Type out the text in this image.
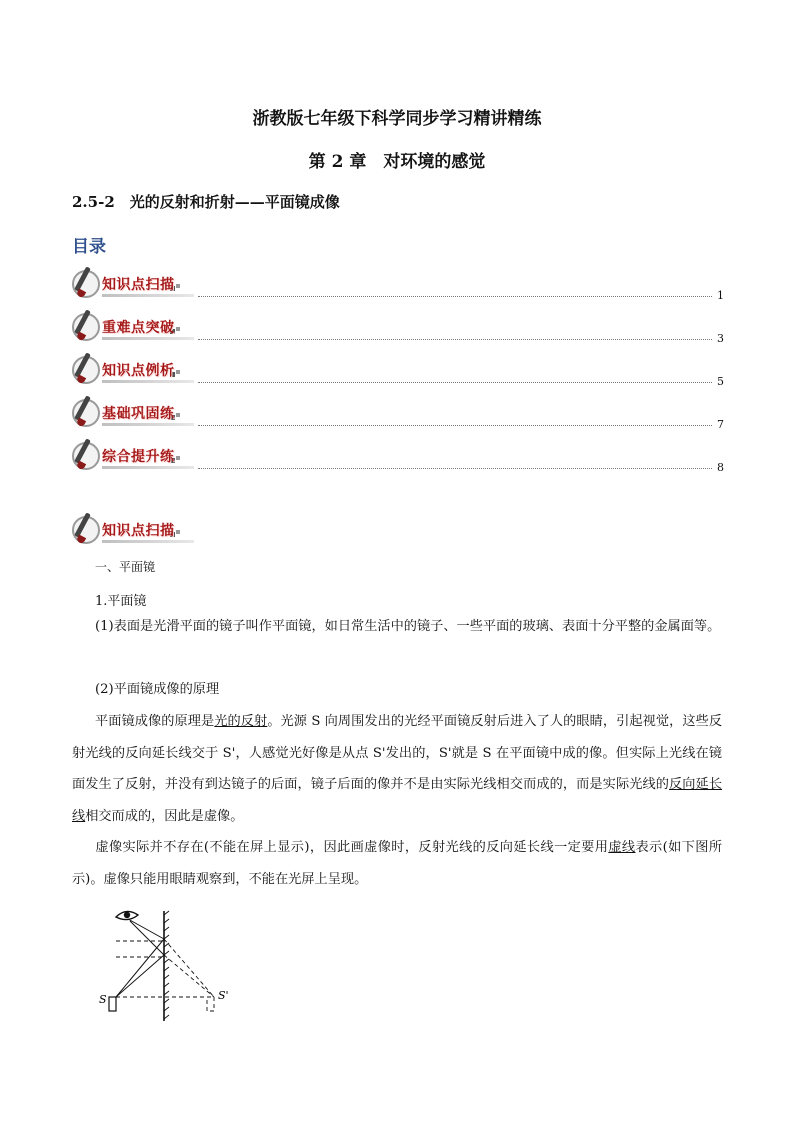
浙教版七年级下科学同步学习精讲精练
第 2 章　对环境的感觉
2.5-2　光的反射和折射——平面镜成像
目录
知识点扫描
1
重难点突破
3
知识点例析
5
基础巩固练
7
综合提升练
8
知识点扫描
一、平面镜
1.平面镜
(1)表面是光滑平面的镜子叫作平面镜，如日常生活中的镜子、一些平面的玻璃、表面十分平整的金属面等。
(2)平面镜成像的原理
平面镜成像的原理是光的反射。光源 S 向周围发出的光经平面镜反射后进入了人的眼睛，引起视觉，这些反射光线的反向延长线交于 S'，人感觉光好像是从点 S'发出的，S'就是 S 在平面镜中成的像。但实际上光线在镜面发生了反射，并没有到达镜子的后面，镜子后面的像并不是由实际光线相交而成的，而是实际光线的反向延长线相交而成的，因此是虚像。
虚像实际并不存在(不能在屏上显示)，因此画虚像时，反射光线的反向延长线一定要用虚线表示(如下图所示)。虚像只能用眼睛观察到，不能在光屏上呈现。
S	S'
